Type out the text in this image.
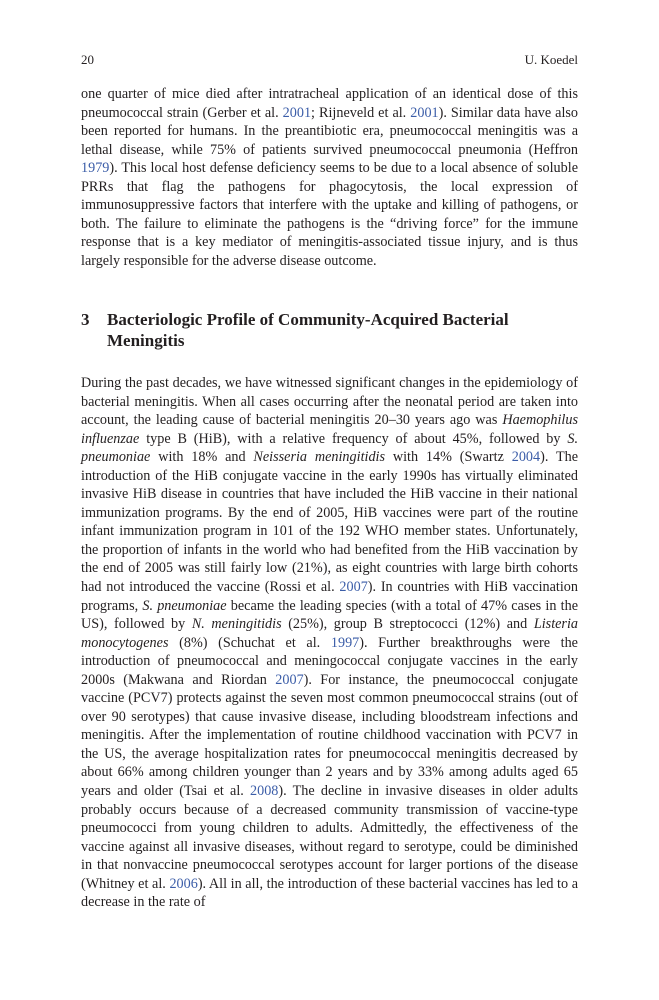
20	U. Koedel

one quarter of mice died after intratracheal application of an identical dose of this pneumococcal strain (Gerber et al. 2001; Rijneveld et al. 2001). Similar data have also been reported for humans. In the preantibiotic era, pneumococcal meningitis was a lethal disease, while 75% of patients survived pneumococcal pneumonia (Heffron 1979). This local host defense deficiency seems to be due to a local absence of soluble PRRs that flag the pathogens for phagocytosis, the local expression of immunosuppressive factors that interfere with the uptake and killing of pathogens, or both. The failure to eliminate the pathogens is the “driving force” for the immune response that is a key mediator of meningitis-associated tissue injury, and is thus largely responsible for the adverse disease outcome.

3 Bacteriologic Profile of Community-Acquired Bacterial Meningitis

During the past decades, we have witnessed significant changes in the epidemiology of bacterial meningitis. When all cases occurring after the neonatal period are taken into account, the leading cause of bacterial meningitis 20–30 years ago was Haemophilus influenzae type B (HiB), with a relative frequency of about 45%, followed by S. pneumoniae with 18% and Neisseria meningitidis with 14% (Swartz 2004). The introduction of the HiB conjugate vaccine in the early 1990s has virtually eliminated invasive HiB disease in countries that have included the HiB vaccine in their national immunization programs. By the end of 2005, HiB vaccines were part of the routine infant immunization program in 101 of the 192 WHO member states. Unfortunately, the proportion of infants in the world who had benefited from the HiB vaccination by the end of 2005 was still fairly low (21%), as eight countries with large birth cohorts had not introduced the vaccine (Rossi et al. 2007). In countries with HiB vaccination programs, S. pneumoniae became the leading species (with a total of 47% cases in the US), followed by N. meningitidis (25%), group B streptococci (12%) and Listeria monocytogenes (8%) (Schuchat et al. 1997). Further breakthroughs were the introduction of pneumococcal and meningococcal conjugate vaccines in the early 2000s (Makwana and Riordan 2007). For instance, the pneumococcal conjugate vaccine (PCV7) protects against the seven most common pneumococcal strains (out of over 90 serotypes) that cause invasive disease, including bloodstream infections and meningitis. After the implementation of routine childhood vaccination with PCV7 in the US, the average hospitalization rates for pneumococcal meningitis decreased by about 66% among children younger than 2 years and by 33% among adults aged 65 years and older (Tsai et al. 2008). The decline in invasive diseases in older adults probably occurs because of a decreased community transmission of vaccine-type pneumococci from young children to adults. Admittedly, the effectiveness of the vaccine against all invasive diseases, without regard to serotype, could be diminished in that nonvaccine pneumococcal serotypes account for larger portions of the disease (Whitney et al. 2006). All in all, the introduction of these bacterial vaccines has led to a decrease in the rate of
